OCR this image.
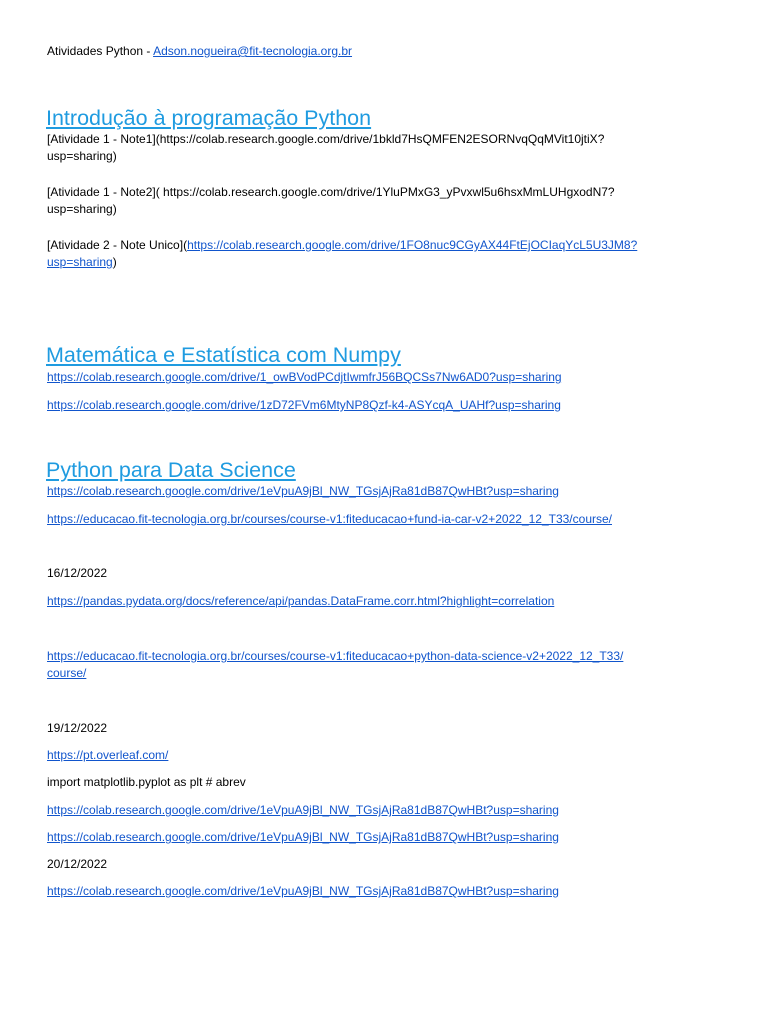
Atividades Python - Adson.nogueira@fit-tecnologia.org.br
Introdução à programação Python
[Atividade 1 - Note1](https://colab.research.google.com/drive/1bkld7HsQMFEN2ESORNvqQqMVit10jtiX?
usp=sharing)
[Atividade 1 - Note2]( https://colab.research.google.com/drive/1YluPMxG3_yPvxwl5u6hsxMmLUHgxodN7?
usp=sharing)
[Atividade 2 - Note Unico](https://colab.research.google.com/drive/1FO8nuc9CGyAX44FtEjOCIaqYcL5U3JM8?
usp=sharing)
Matemática e Estatística com Numpy
https://colab.research.google.com/drive/1_owBVodPCdjtIwmfrJ56BQCSs7Nw6AD0?usp=sharing
https://colab.research.google.com/drive/1zD72FVm6MtyNP8Qzf-k4-ASYcqA_UAHf?usp=sharing
Python para Data Science
https://colab.research.google.com/drive/1eVpuA9jBl_NW_TGsjAjRa81dB87QwHBt?usp=sharing
https://educacao.fit-tecnologia.org.br/courses/course-v1:fiteducacao+fund-ia-car-v2+2022_12_T33/course/
16/12/2022
https://pandas.pydata.org/docs/reference/api/pandas.DataFrame.corr.html?highlight=correlation
https://educacao.fit-tecnologia.org.br/courses/course-v1:fiteducacao+python-data-science-v2+2022_12_T33/
course/
19/12/2022
https://pt.overleaf.com/
import matplotlib.pyplot as plt # abrev
https://colab.research.google.com/drive/1eVpuA9jBl_NW_TGsjAjRa81dB87QwHBt?usp=sharing
https://colab.research.google.com/drive/1eVpuA9jBl_NW_TGsjAjRa81dB87QwHBt?usp=sharing
20/12/2022
https://colab.research.google.com/drive/1eVpuA9jBl_NW_TGsjAjRa81dB87QwHBt?usp=sharing
